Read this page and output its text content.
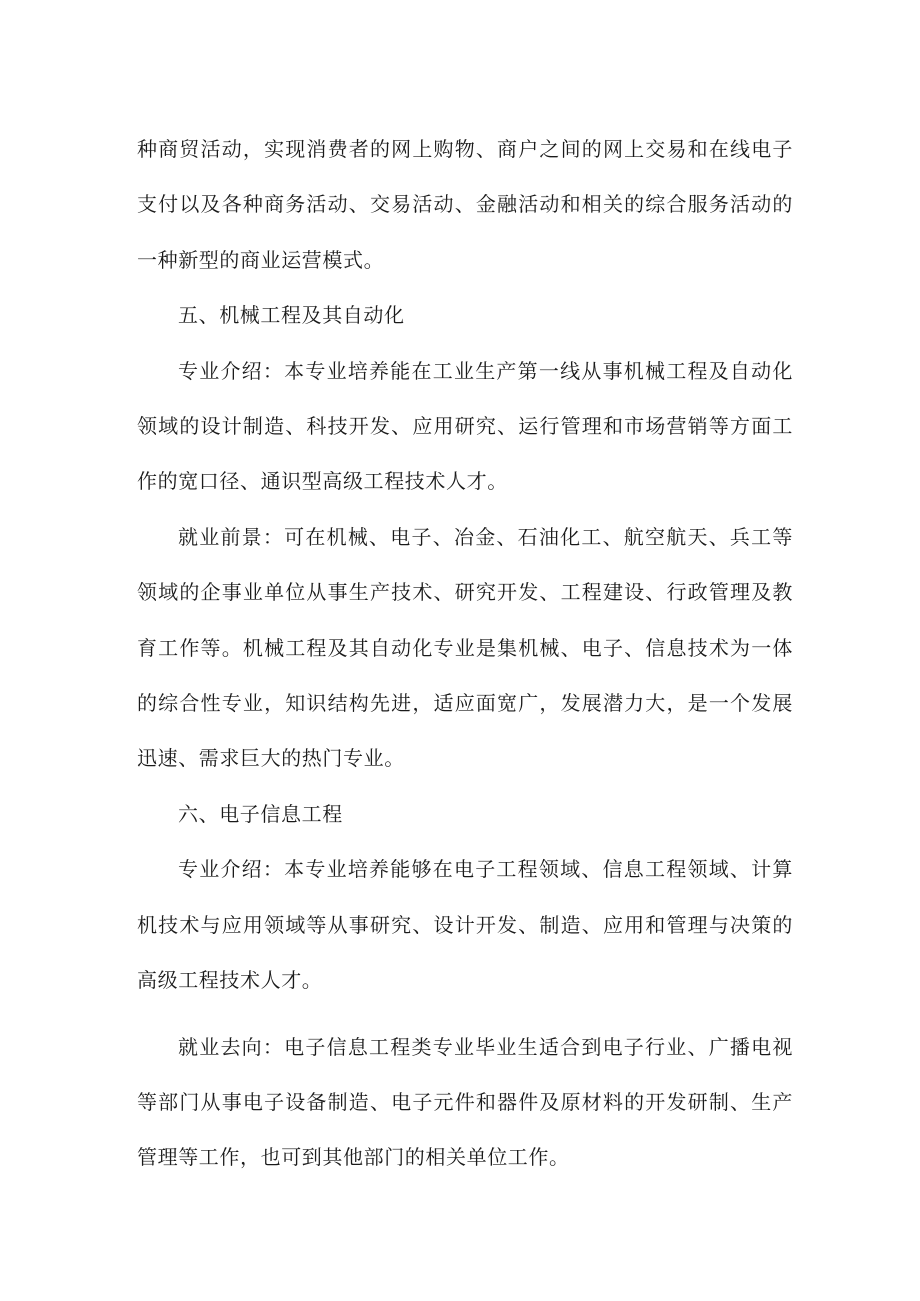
种商贸活动，实现消费者的网上购物、商户之间的网上交易和在线电子支付以及各种商务活动、交易活动、金融活动和相关的综合服务活动的一种新型的商业运营模式。

五、机械工程及其自动化

专业介绍：本专业培养能在工业生产第一线从事机械工程及自动化领域的设计制造、科技开发、应用研究、运行管理和市场营销等方面工作的宽口径、通识型高级工程技术人才。

就业前景：可在机械、电子、冶金、石油化工、航空航天、兵工等领域的企事业单位从事生产技术、研究开发、工程建设、行政管理及教育工作等。机械工程及其自动化专业是集机械、电子、信息技术为一体的综合性专业，知识结构先进，适应面宽广，发展潜力大，是一个发展迅速、需求巨大的热门专业。

六、电子信息工程

专业介绍：本专业培养能够在电子工程领域、信息工程领域、计算机技术与应用领域等从事研究、设计开发、制造、应用和管理与决策的高级工程技术人才。

就业去向：电子信息工程类专业毕业生适合到电子行业、广播电视等部门从事电子设备制造、电子元件和器件及原材料的开发研制、生产管理等工作，也可到其他部门的相关单位工作。
